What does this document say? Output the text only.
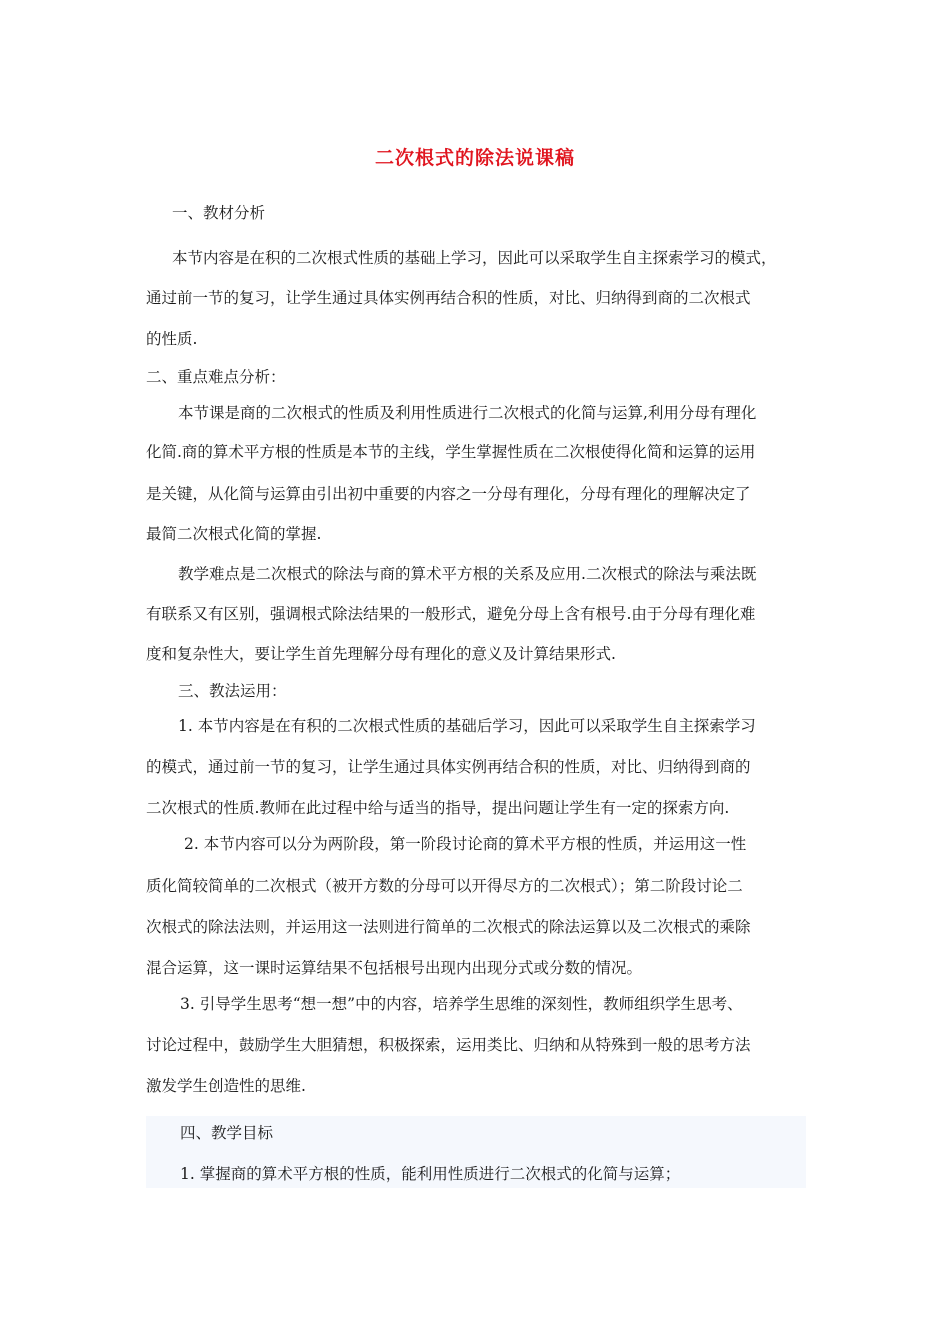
二次根式的除法说课稿
一、教材分析
本节内容是在积的二次根式性质的基础上学习，因此可以采取学生自主探索学习的模式，
通过前一节的复习，让学生通过具体实例再结合积的性质，对比、归纳得到商的二次根式
的性质.
二、重点难点分析：
本节课是商的二次根式的性质及利用性质进行二次根式的化简与运算,利用分母有理化
化简.商的算术平方根的性质是本节的主线，学生掌握性质在二次根使得化简和运算的运用
是关键，从化简与运算由引出初中重要的内容之一分母有理化，分母有理化的理解决定了
最简二次根式化简的掌握.
教学难点是二次根式的除法与商的算术平方根的关系及应用.二次根式的除法与乘法既
有联系又有区别，强调根式除法结果的一般形式，避免分母上含有根号.由于分母有理化难
度和复杂性大，要让学生首先理解分母有理化的意义及计算结果形式.
三、教法运用：
1. 本节内容是在有积的二次根式性质的基础后学习，因此可以采取学生自主探索学习
的模式，通过前一节的复习，让学生通过具体实例再结合积的性质，对比、归纳得到商的
二次根式的性质.教师在此过程中给与适当的指导，提出问题让学生有一定的探索方向.
2. 本节内容可以分为两阶段，第一阶段讨论商的算术平方根的性质，并运用这一性
质化简较简单的二次根式（被开方数的分母可以开得尽方的二次根式）；第二阶段讨论二
次根式的除法法则，并运用这一法则进行简单的二次根式的除法运算以及二次根式的乘除
混合运算，这一课时运算结果不包括根号出现内出现分式或分数的情况。
3. 引导学生思考“想一想”中的内容，培养学生思维的深刻性，教师组织学生思考、
讨论过程中，鼓励学生大胆猜想，积极探索，运用类比、归纳和从特殊到一般的思考方法
激发学生创造性的思维.
四、教学目标
1. 掌握商的算术平方根的性质，能利用性质进行二次根式的化简与运算；
